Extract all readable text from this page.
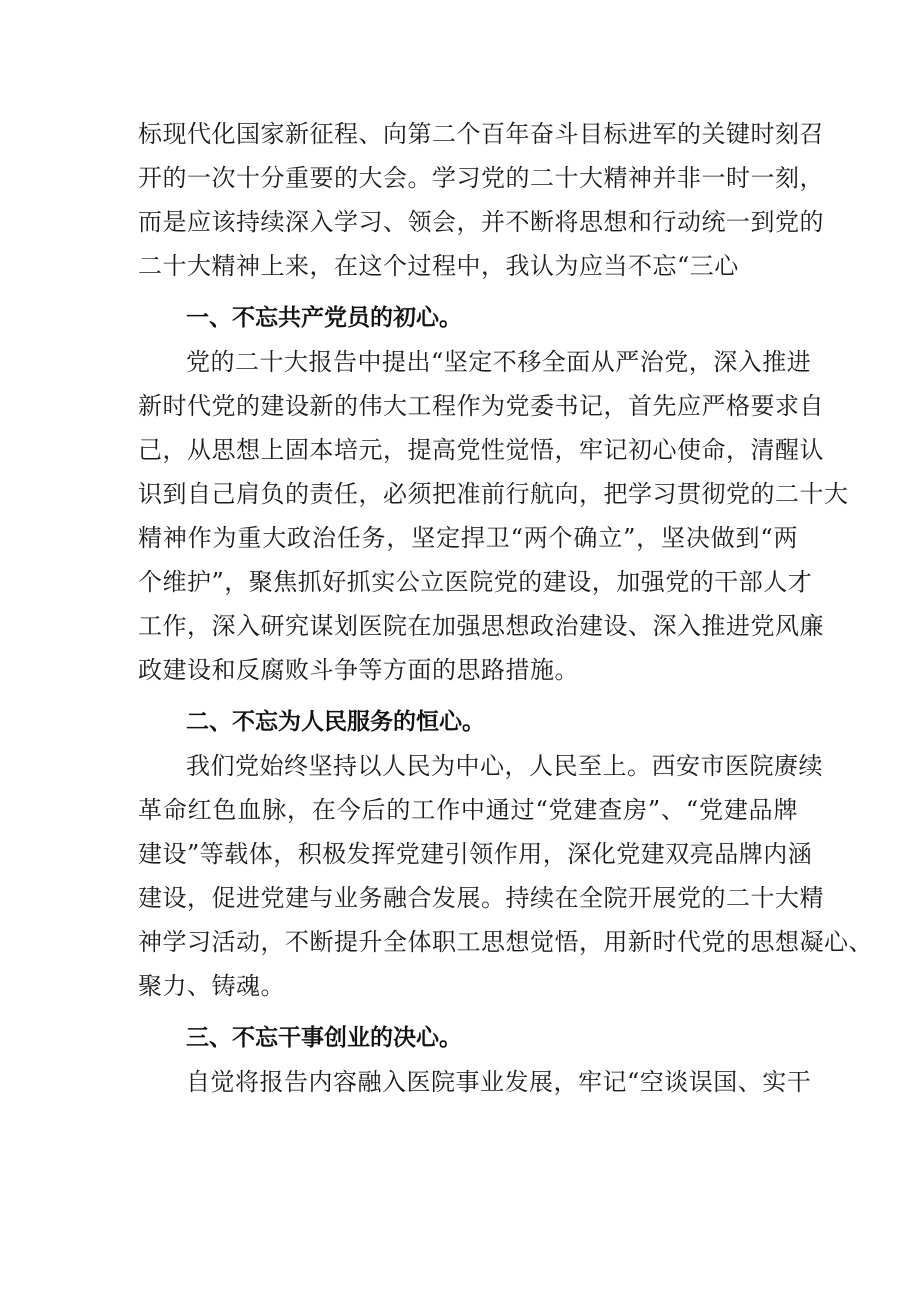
标现代化国家新征程、向第二个百年奋斗目标进军的关键时刻召

开的一次十分重要的大会。学习党的二十大精神并非一时一刻，

而是应该持续深入学习、领会，并不断将思想和行动统一到党的

二十大精神上来，在这个过程中，我认为应当不忘“三心

一、不忘共产党员的初心。

党的二十大报告中提出“坚定不移全面从严治党，深入推进

新时代党的建设新的伟大工程作为党委书记，首先应严格要求自

己，从思想上固本培元，提高党性觉悟，牢记初心使命，清醒认

识到自己肩负的责任，必须把准前行航向，把学习贯彻党的二十大

精神作为重大政治任务，坚定捍卫“两个确立”，坚决做到“两

个维护”，聚焦抓好抓实公立医院党的建设，加强党的干部人才

工作，深入研究谋划医院在加强思想政治建设、深入推进党风廉

政建设和反腐败斗争等方面的思路措施。

二、不忘为人民服务的恒心。

我们党始终坚持以人民为中心，人民至上。西安市医院赓续

革命红色血脉，在今后的工作中通过“党建查房”、“党建品牌

建设”等载体，积极发挥党建引领作用，深化党建双亮品牌内涵

建设，促进党建与业务融合发展。持续在全院开展党的二十大精

神学习活动，不断提升全体职工思想觉悟，用新时代党的思想凝心、

聚力、铸魂。

三、不忘干事创业的决心。

自觉将报告内容融入医院事业发展，牢记“空谈误国、实干
